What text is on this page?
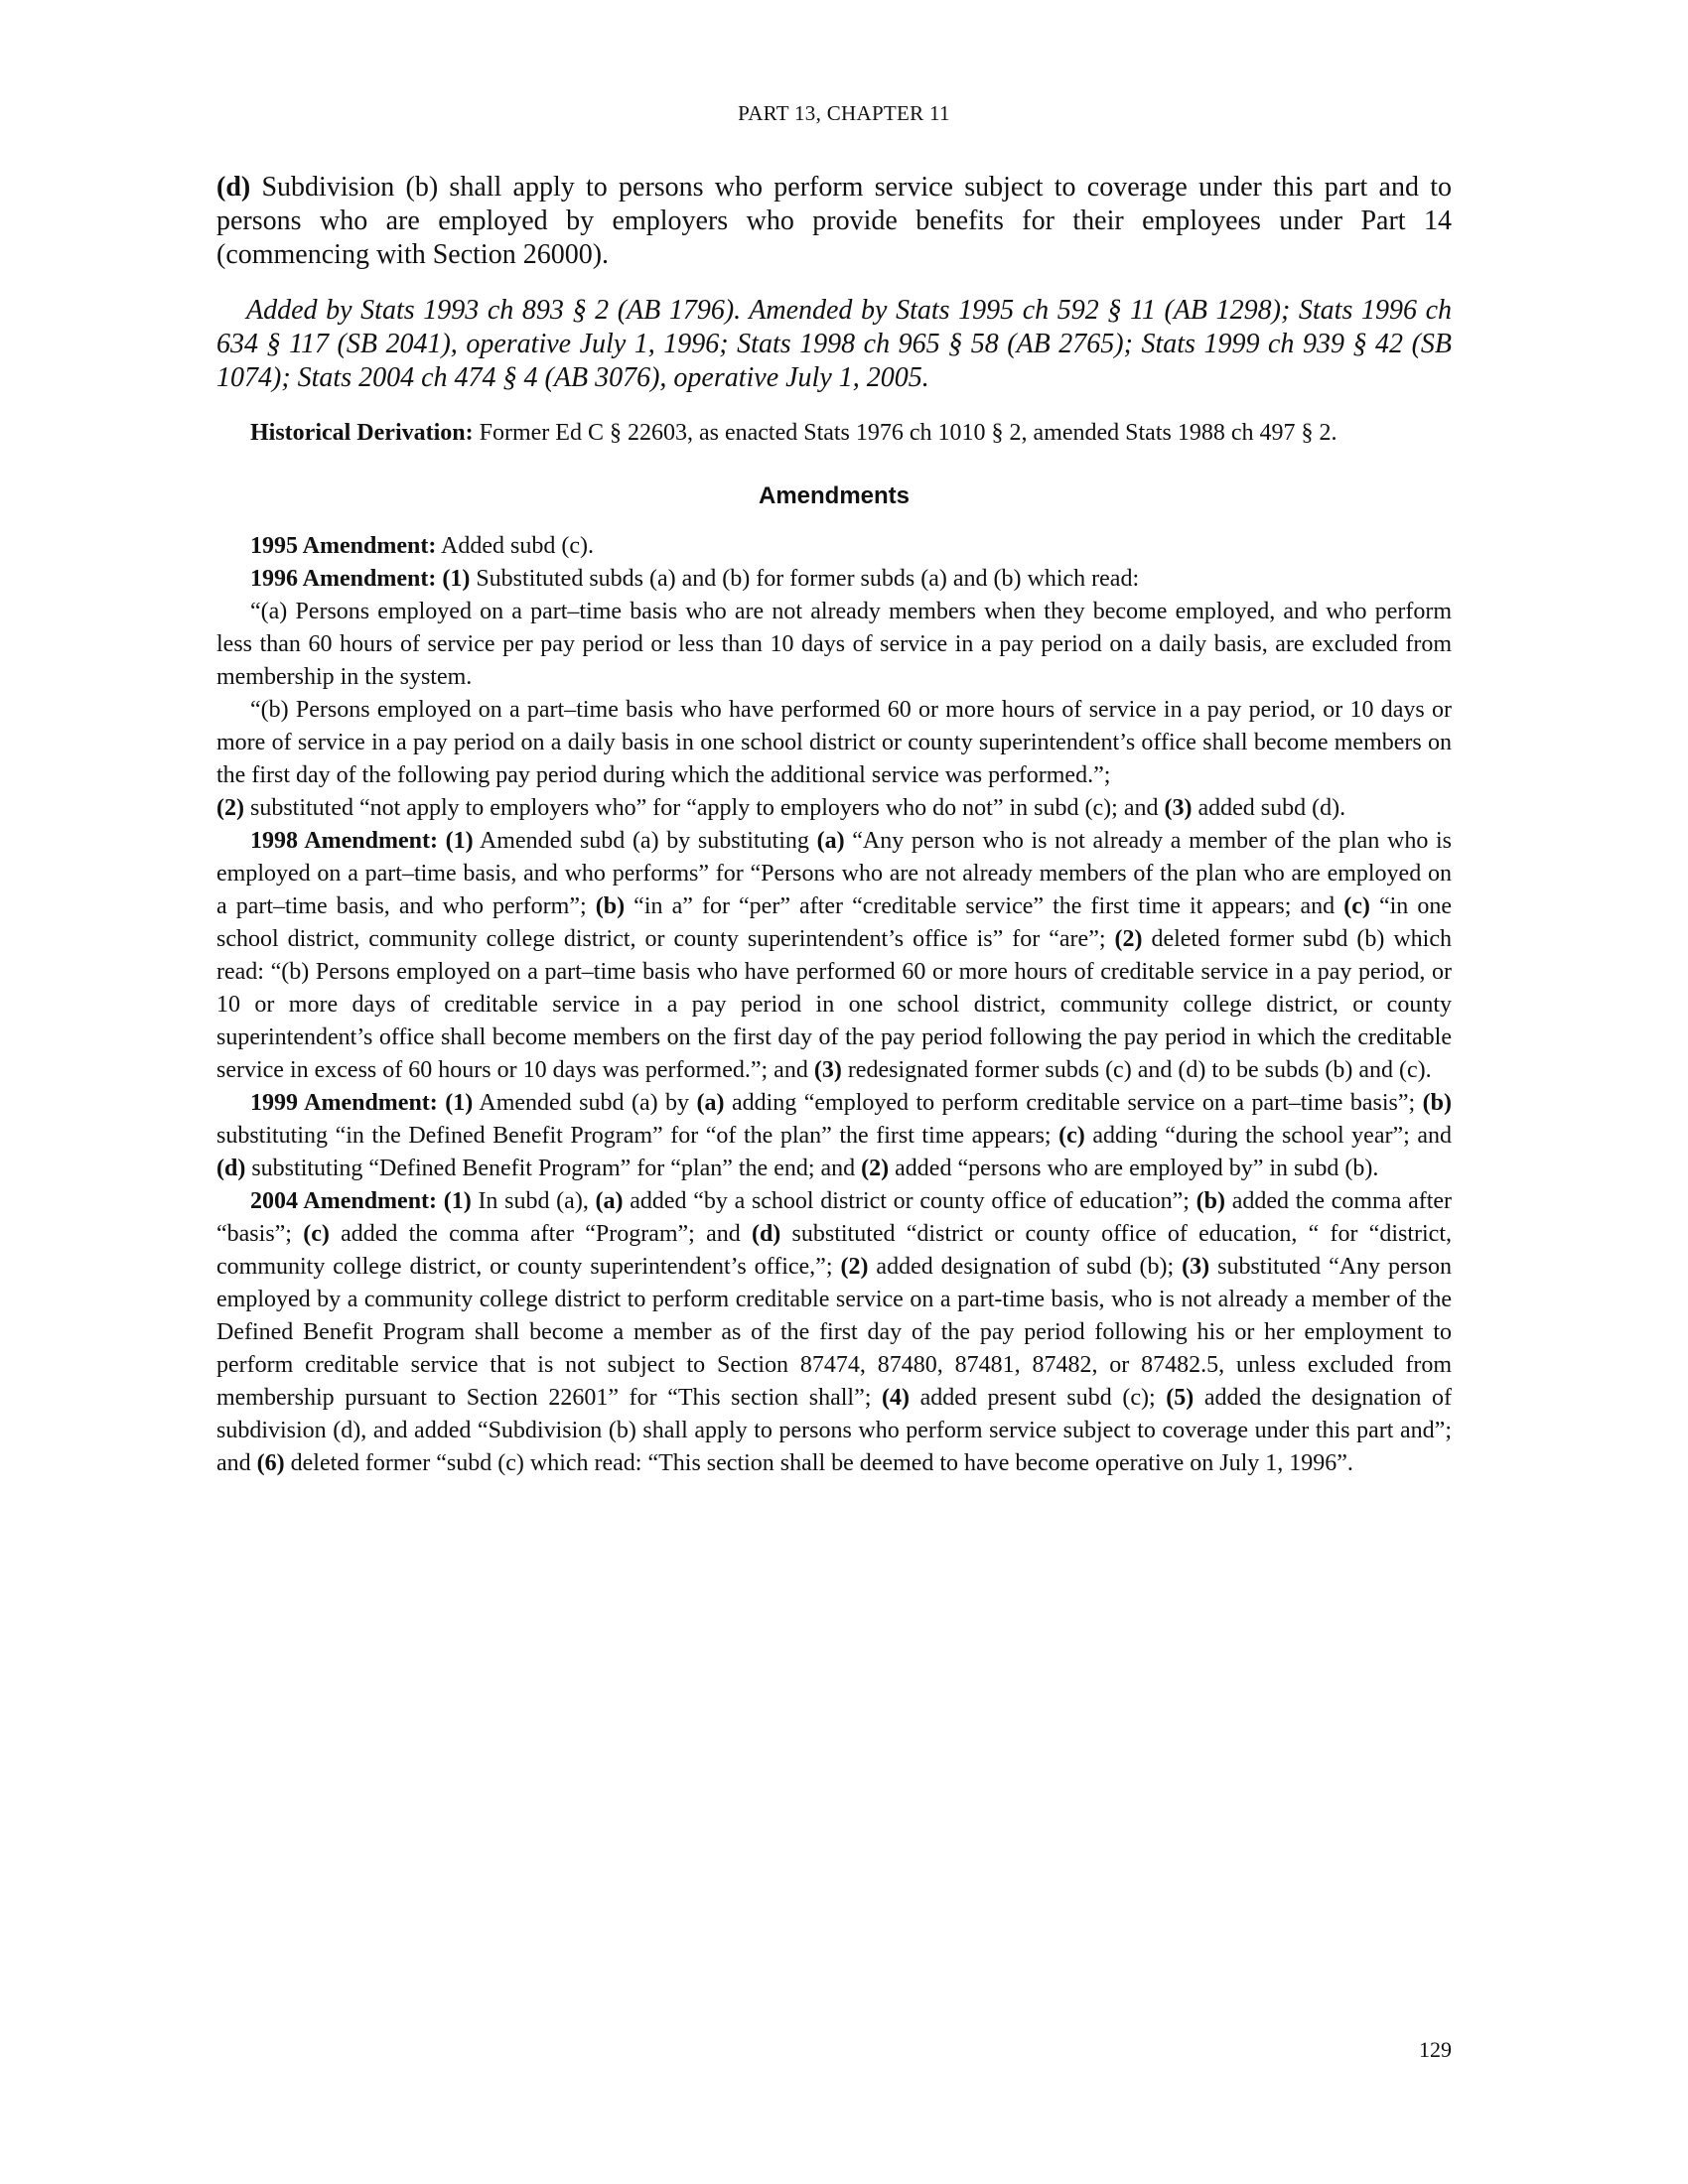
PART 13, CHAPTER 11

(d) Subdivision (b) shall apply to persons who perform service subject to coverage under this part and to persons who are employed by employers who provide benefits for their employees under Part 14 (commencing with Section 26000).

Added by Stats 1993 ch 893 § 2 (AB 1796). Amended by Stats 1995 ch 592 § 11 (AB 1298); Stats 1996 ch 634 § 117 (SB 2041), operative July 1, 1996; Stats 1998 ch 965 § 58 (AB 2765); Stats 1999 ch 939 § 42 (SB 1074); Stats 2004 ch 474 § 4 (AB 3076), operative July 1, 2005.

Historical Derivation: Former Ed C § 22603, as enacted Stats 1976 ch 1010 § 2, amended Stats 1988 ch 497 § 2.

Amendments

1995 Amendment: Added subd (c).

1996 Amendment: (1) Substituted subds (a) and (b) for former subds (a) and (b) which read:

“(a) Persons employed on a part–time basis who are not already members when they become employed, and who perform less than 60 hours of service per pay period or less than 10 days of service in a pay period on a daily basis, are excluded from membership in the system.

“(b) Persons employed on a part–time basis who have performed 60 or more hours of service in a pay period, or 10 days or more of service in a pay period on a daily basis in one school district or county superintendent’s office shall become members on the first day of the following pay period during which the additional service was performed.”;

(2) substituted “not apply to employers who” for “apply to employers who do not” in subd (c); and (3) added subd (d).

1998 Amendment: (1) Amended subd (a) by substituting (a) “Any person who is not already a member of the plan who is employed on a part–time basis, and who performs” for “Persons who are not already members of the plan who are employed on a part–time basis, and who perform”; (b) “in a” for “per” after “creditable service” the first time it appears; and (c) “in one school district, community college district, or county superintendent’s office is” for “are”; (2) deleted former subd (b) which read: “(b) Persons employed on a part–time basis who have performed 60 or more hours of creditable service in a pay period, or 10 or more days of creditable service in a pay period in one school district, community college district, or county superintendent’s office shall become members on the first day of the pay period following the pay period in which the creditable service in excess of 60 hours or 10 days was performed.”; and (3) redesignated former subds (c) and (d) to be subds (b) and (c).

1999 Amendment: (1) Amended subd (a) by (a) adding “employed to perform creditable service on a part–time basis”; (b) substituting “in the Defined Benefit Program” for “of the plan” the first time appears; (c) adding “during the school year”; and (d) substituting “Defined Benefit Program” for “plan” the end; and (2) added “persons who are employed by” in subd (b).

2004 Amendment: (1) In subd (a), (a) added “by a school district or county office of education”; (b) added the comma after “basis”; (c) added the comma after “Program”; and (d) substituted “district or county office of education, “ for “district, community college district, or county superintendent’s office,”; (2) added designation of subd (b); (3) substituted “Any person employed by a community college district to perform creditable service on a part-time basis, who is not already a member of the Defined Benefit Program shall become a member as of the first day of the pay period following his or her employment to perform creditable service that is not subject to Section 87474, 87480, 87481, 87482, or 87482.5, unless excluded from membership pursuant to Section 22601” for “This section shall”; (4) added present subd (c); (5) added the designation of subdivision (d), and added “Subdivision (b) shall apply to persons who perform service subject to coverage under this part and”; and (6) deleted former “subd (c) which read: “This section shall be deemed to have become operative on July 1, 1996”.

129
